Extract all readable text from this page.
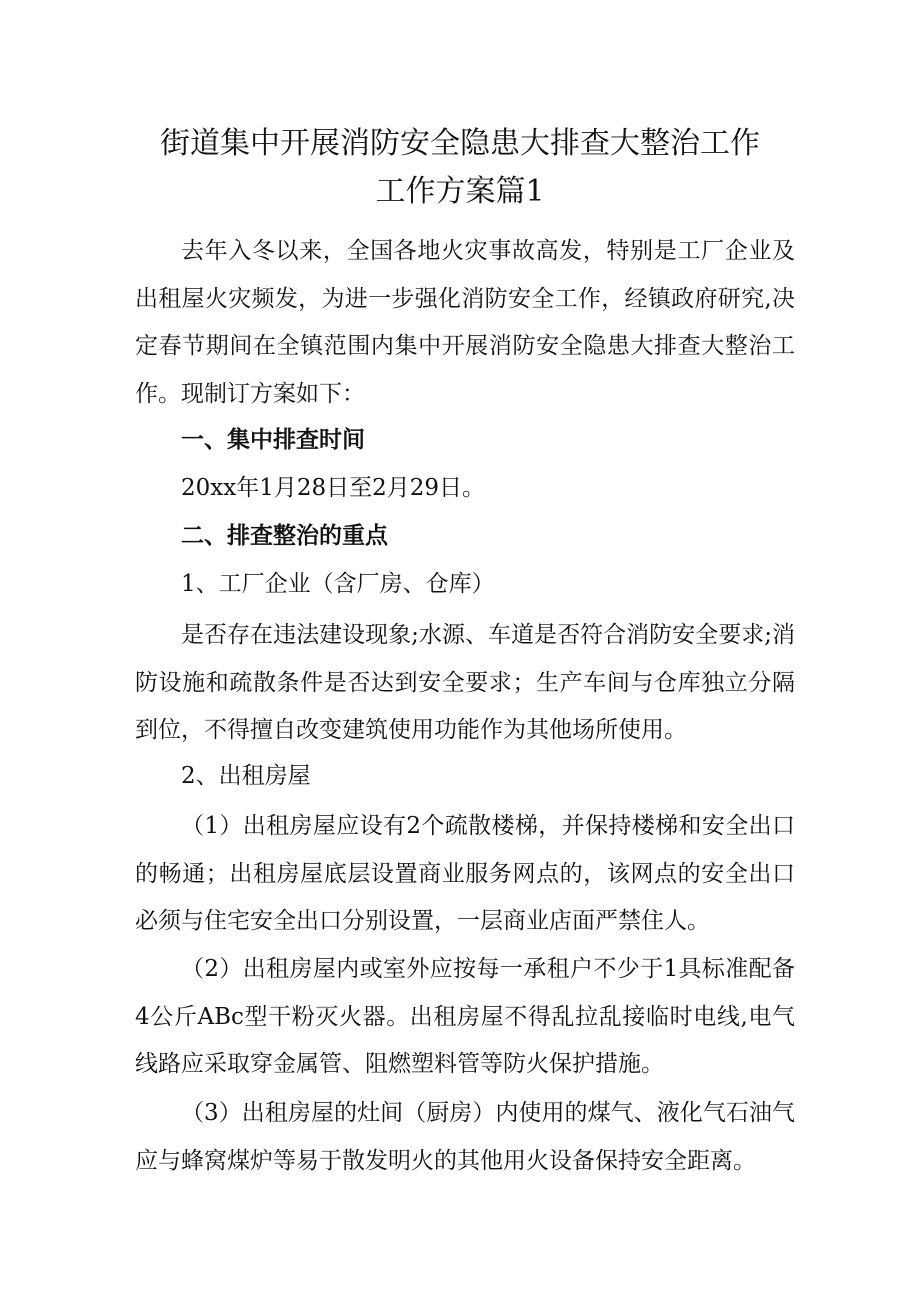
街道集中开展消防安全隐患大排查大整治工作
工作方案篇1

去年入冬以来，全国各地火灾事故高发，特别是工厂企业及出租屋火灾频发，为进一步强化消防安全工作，经镇政府研究,决定春节期间在全镇范围内集中开展消防安全隐患大排查大整治工作。现制订方案如下：

一、集中排查时间

20xx年1月28日至2月29日。

二、排查整治的重点

1、工厂企业（含厂房、仓库）

是否存在违法建设现象;水源、车道是否符合消防安全要求;消防设施和疏散条件是否达到安全要求；生产车间与仓库独立分隔到位，不得擅自改变建筑使用功能作为其他场所使用。

2、出租房屋

（1）出租房屋应设有2个疏散楼梯，并保持楼梯和安全出口的畅通；出租房屋底层设置商业服务网点的，该网点的安全出口必须与住宅安全出口分别设置，一层商业店面严禁住人。

（2）出租房屋内或室外应按每一承租户不少于1具标准配备4公斤ABc型干粉灭火器。出租房屋不得乱拉乱接临时电线,电气线路应采取穿金属管、阻燃塑料管等防火保护措施。

（3）出租房屋的灶间（厨房）内使用的煤气、液化气石油气应与蜂窝煤炉等易于散发明火的其他用火设备保持安全距离。
